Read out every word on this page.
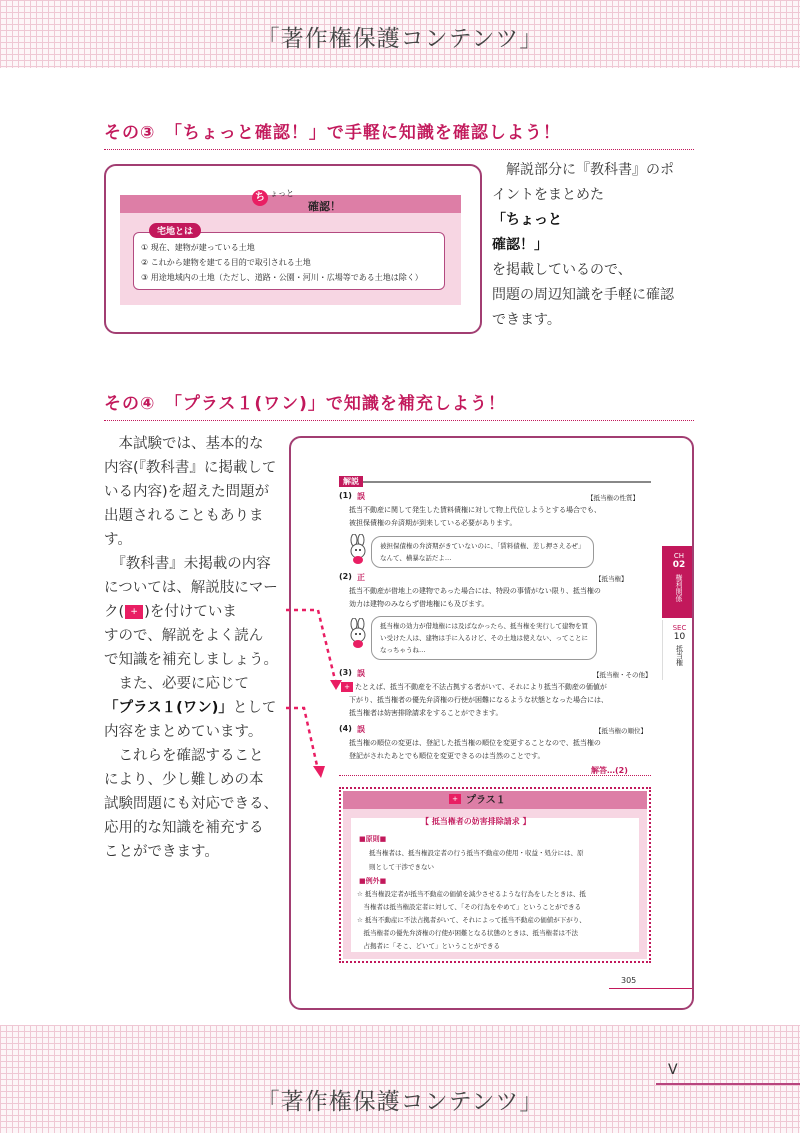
「著作権保護コンテンツ」
「著作権保護コンテンツ」
V
その③　「ちょっと確認！」で手軽に知識を確認しよう！
ち ょっと
確認！
宅地とは
① 現在、建物が建っている土地
② これから建物を建てる目的で取引される土地
③ 用途地域内の土地（ただし、道路・公園・河川・広場等である土地は除く）
　解説部分に『教科書』のポ
イントをまとめた
「ちょっと
確認！」
を掲載しているので、
問題の周辺知識を手軽に確認
できます。
その④　「プラス１(ワン)」で知識を補充しよう！
　本試験では、基本的な
内容(『教科書』に掲載して
いる内容)を超えた問題が
出題されることもありま
す。
　『教科書』未掲載の内容
については、解説肢にマー
ク( + )を付けていま
すので、解説をよく読ん
で知識を補充しましょう。
　また、必要に応じて
「プラス１(ワン)」として
内容をまとめています。
　これらを確認すること
により、少し難しめの本
試験問題にも対応できる、
応用的な知識を補充する
ことができます。
解説
(1) 誤	【抵当権の性質】
抵当不動産に関して発生した賃料債権に対して物上代位しようとする場合でも、
被担保債権の弁済期が到来している必要があります。
被担保債権の弁済期がきていないのに、「賃料債権、差し押さえるぜ」
なんて、横暴な話だよ…
(2) 正	【抵当権】
抵当不動産が借地上の建物であった場合には、特段の事情がない限り、抵当権の
効力は建物のみならず借地権にも及びます。
抵当権の効力が借地権には及ばなかったら、抵当権を実行して建物を買
い受けた人は、建物は手に入るけど、その土地は使えない、ってことに
なっちゃうね…
(3) 誤	【抵当権・その他】
+ たとえば、抵当不動産を不法占拠する者がいて、それにより抵当不動産の価値が
下がり、抵当権者の優先弁済権の行使が困難になるような状態となった場合には、
抵当権者は妨害排除請求をすることができます。
(4) 誤	【抵当権の順位】
抵当権の順位の変更は、登記した抵当権の順位を変更することなので、抵当権の
登記がされたあとでも順位を変更できるのは当然のことです。
解答…(2)
CH
02
権利関係
SEC
10
抵当権
+ プラス１
【 抵当権者の妨害排除請求 】
■原則■
抵当権者は、抵当権設定者の行う抵当不動産の使用・収益・処分には、原
則として干渉できない
■例外■
☆ 抵当権設定者が抵当不動産の価値を減少させるような行為をしたときは、抵
　当権者は抵当権設定者に対して、「その行為をやめて」ということができる
☆ 抵当不動産に不法占拠者がいて、それによって抵当不動産の価値が下がり、
　抵当権者の優先弁済権の行使が困難となる状態のときは、抵当権者は不法
　占拠者に「そこ、どいて」ということができる
305
